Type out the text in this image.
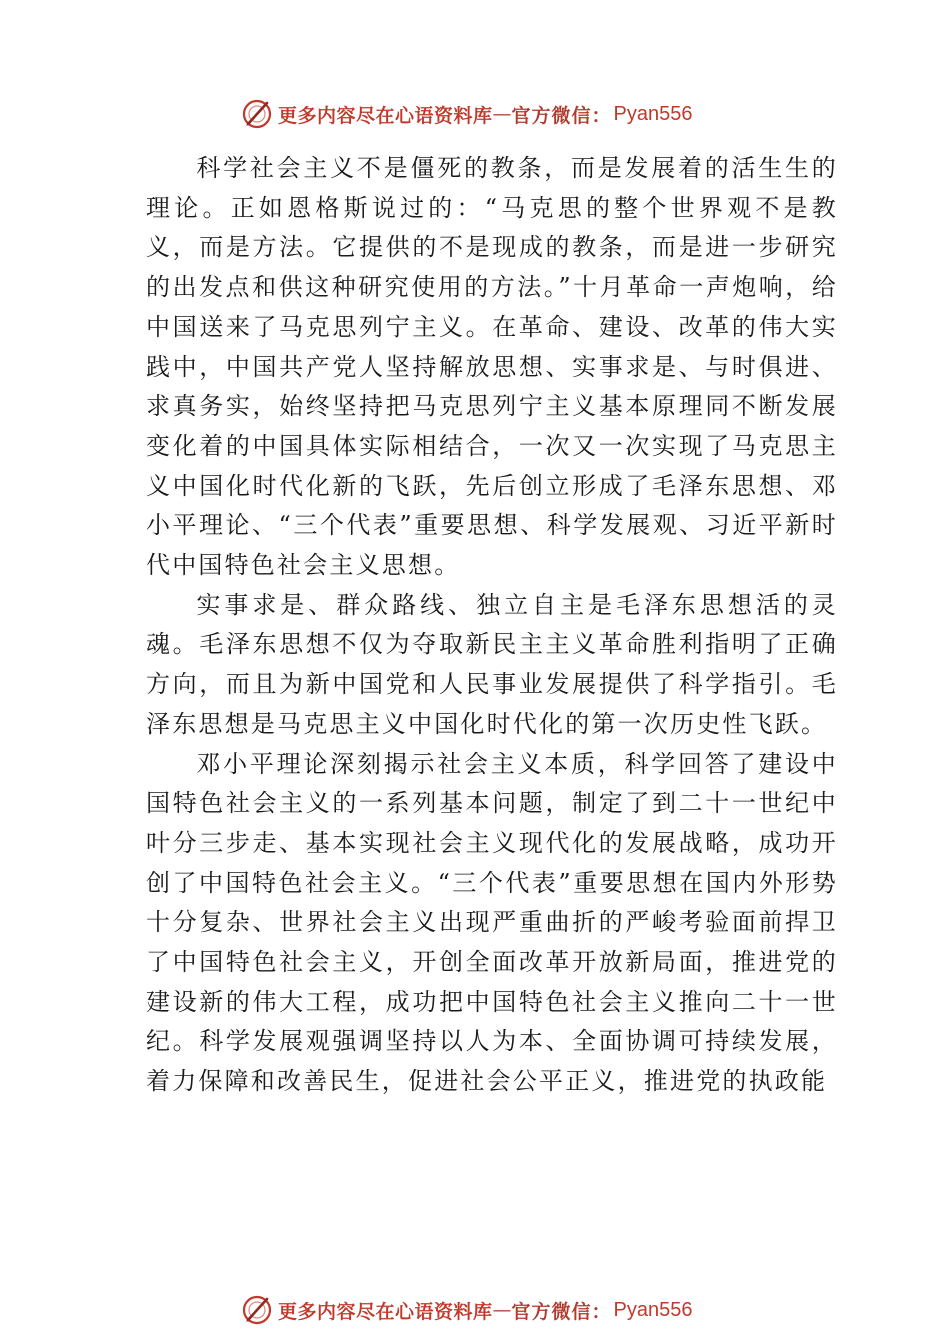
更多内容尽在心语资料库 — 官方微信： Pyan556

科学社会主义不是僵死的教条，而是发展着的活生生的理论。正如恩格斯说过的：“马克思的整个世界观不是教义，而是方法。它提供的不是现成的教条，而是进一步研究的出发点和供这种研究使用的方法。”十月革命一声炮响，给中国送来了马克思列宁主义。在革命、建设、改革的伟大实践中，中国共产党人坚持解放思想、实事求是、与时俱进、求真务实，始终坚持把马克思列宁主义基本原理同不断发展变化着的中国具体实际相结合，一次又一次实现了马克思主义中国化时代化新的飞跃，先后创立形成了毛泽东思想、邓小平理论、“三个代表”重要思想、科学发展观、习近平新时代中国特色社会主义思想。

实事求是、群众路线、独立自主是毛泽东思想活的灵魂。毛泽东思想不仅为夺取新民主主义革命胜利指明了正确方向，而且为新中国党和人民事业发展提供了科学指引。毛泽东思想是马克思主义中国化时代化的第一次历史性飞跃。

邓小平理论深刻揭示社会主义本质，科学回答了建设中国特色社会主义的一系列基本问题，制定了到二十一世纪中叶分三步走、基本实现社会主义现代化的发展战略，成功开创了中国特色社会主义。“三个代表”重要思想在国内外形势十分复杂、世界社会主义出现严重曲折的严峻考验面前捍卫了中国特色社会主义，开创全面改革开放新局面，推进党的建设新的伟大工程，成功把中国特色社会主义推向二十一世纪。科学发展观强调坚持以人为本、全面协调可持续发展， 着力保障和改善民生，促进社会公平正义，推进党的执政能

更多内容尽在心语资料库 — 官方微信： Pyan556
